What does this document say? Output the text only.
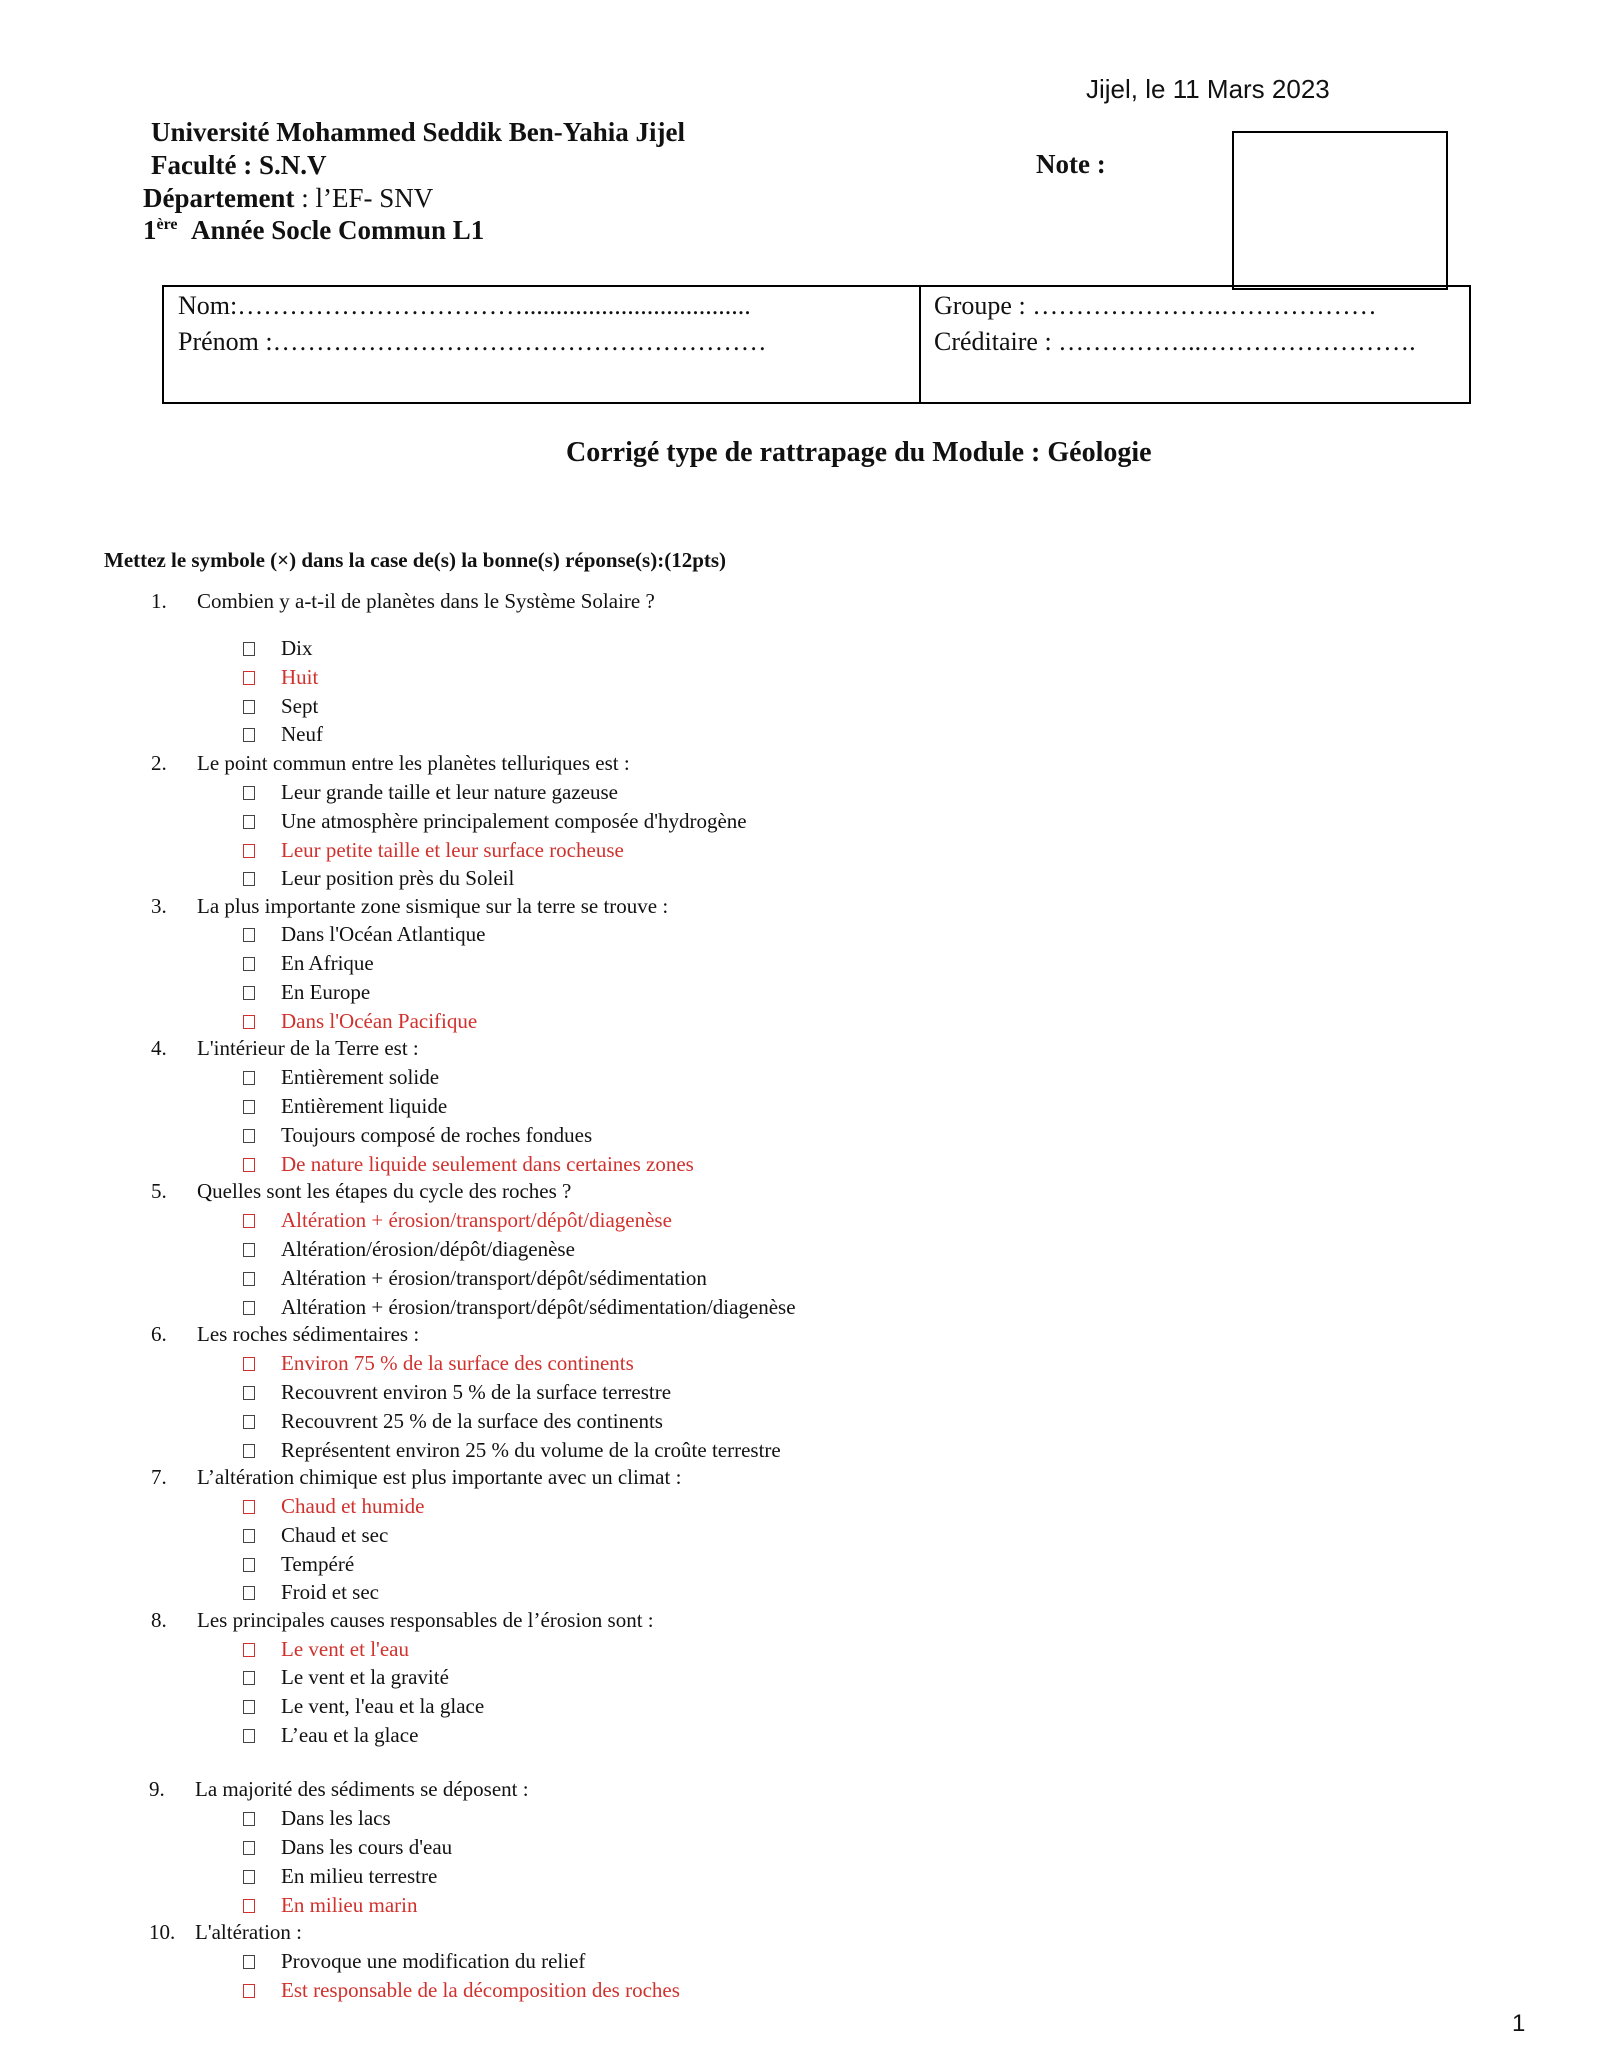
Jijel, le 11 Mars 2023
Université Mohammed Seddik Ben-Yahia Jijel
Faculté : S.N.V
Département : l’EF- SNV
1ère Année Socle Commun L1
Note :
Nom:……………………………...................................
Prénom :…………………………………………………
Groupe : ………………….………………
Créditaire : ……………..…………………….
Corrigé type de rattrapage du Module : Géologie
Mettez le symbole (×) dans la case de(s) la bonne(s) réponse(s):(12pts)
1. Combien y a-t-il de planètes dans le Système Solaire ?
Dix
Huit
Sept
Neuf
2. Le point commun entre les planètes telluriques est :
Leur grande taille et leur nature gazeuse
Une atmosphère principalement composée d'hydrogène
Leur petite taille et leur surface rocheuse
Leur position près du Soleil
3. La plus importante zone sismique sur la terre se trouve :
Dans l'Océan Atlantique
En Afrique
En Europe
Dans l'Océan Pacifique
4. L'intérieur de la Terre est :
Entièrement solide
Entièrement liquide
Toujours composé de roches fondues
De nature liquide seulement dans certaines zones
5. Quelles sont les étapes du cycle des roches ?
Altération + érosion/transport/dépôt/diagenèse
Altération/érosion/dépôt/diagenèse
Altération + érosion/transport/dépôt/sédimentation
Altération + érosion/transport/dépôt/sédimentation/diagenèse
6. Les roches sédimentaires :
Environ 75 % de la surface des continents
Recouvrent environ 5 % de la surface terrestre
Recouvrent 25 % de la surface des continents
Représentent environ 25 % du volume de la croûte terrestre
7. L’altération chimique est plus importante avec un climat :
Chaud et humide
Chaud et sec
Tempéré
Froid et sec
8. Les principales causes responsables de l’érosion sont :
Le vent et l'eau
Le vent et la gravité
Le vent, l'eau et la glace
L’eau et la glace
9. La majorité des sédiments se déposent :
Dans les lacs
Dans les cours d'eau
En milieu terrestre
En milieu marin
10. L'altération :
Provoque une modification du relief
Est responsable de la décomposition des roches
1
